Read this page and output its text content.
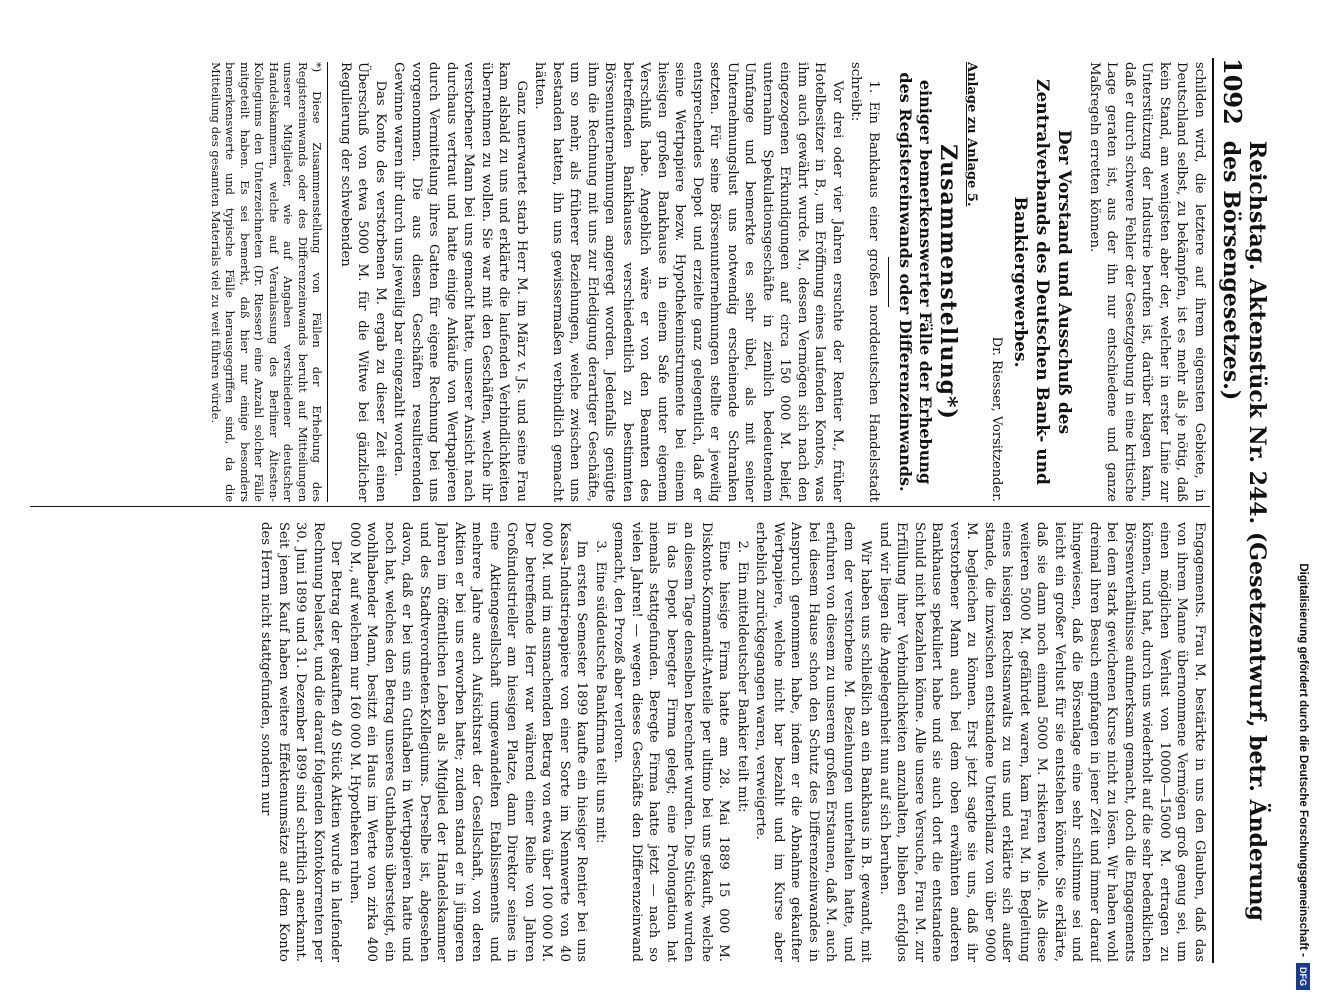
1092
Reichstag. Aktenstück Nr. 244. (Gesetzentwurf, betr. Änderung des Börsengesetzes.)

schilden wird, die letztere auf ihrem eigensten Gebiete, in Deutschland selbst, zu bekämpfen, ist es mehr als je nötig, daß kein Stand, am wenigsten aber der, welcher in erster Linie zur Unterstützung der Industrie berufen ist, darüber klagen kann, daß er durch schwere Fehler der Gesetzgebung in eine kritische Lage geraten ist, aus der ihn nur entschiedene und ganze Maßregeln erretten können.

Der Vorstand und Ausschuß des Zentralverbands des Deutschen Bank- und Bankiergewerbes.
Dr. Riesser, Vorsitzender.
Anlage zu Anlage 5.
Zusammenstellung*)
einiger bemerkenswerter Fälle der Erhebung des Registereinwands oder Differenzeinwands.

1.Ein Bankhaus einer großen norddeutschen Handelsstadt schreibt:

Vor drei oder vier Jahren ersuchte der Rentier M., früher Hotelbesitzer in B., um Eröffnung eines laufenden Kontos, was ihm auch gewährt wurde. M., dessen Vermögen sich nach den eingezogenen Erkundigungen auf circa 150 000 M. belief, unternahm Spekulationsgeschäfte in ziemlich bedeutendem Umfange und bemerkte es sehr übel, als mit seiner Unternehmungslust uns notwendig erscheinende Schranken setzten. Für seine Börsenunternehmungen stellte er jeweilig entsprechendes Depot und erzielte ganz gelegentlich, daß er seine Wertpapiere bezw. Hypothekeninstrumente bei einem hiesigen großen Bankhause in einem Safe unter eigenem Verschluß habe. Angeblich wäre er von den Beamten des betreffenden Bankhauses verschiedentlich zu bestimmten Börsenunternehmungen angeregt worden. Jedenfalls genügte ihm die Rechnung mit uns zur Erledigung derartiger Geschäfte, um so mehr, als früherer Beziehungen, welche zwischen uns bestanden hatten, ihn uns gewissermaßen verbindlich gemacht hätten.

Ganz unerwartet starb Herr M. im März v. Js. und seine Frau kam alsbald zu uns und erklärte die laufenden Verbindlichkeiten übernehmen zu wollen. Sie war mit den Geschäften, welche ihr verstorbener Mann bei uns gemacht hatte, unserer Ansicht nach durchaus vertraut und hatte einige Ankäufe von Wertpapieren durch Vermittelung ihres Gatten für eigene Rechnung bei uns vorgenommen. Die aus diesen Geschäften resultierenden Gewinne waren ihr durch uns jeweilig bar eingezahlt worden.

Das Konto des verstorbenen M. ergab zu dieser Zeit einen Überschuß von etwa 5000 M. für die Witwe bei gänzlicher Regulierung der schwebenden

*) Diese Zusammenstellung von Fällen der Erhebung des Registereinwands oder des Differenzeinwands beruht auf Mitteilungen unserer Mitglieder, wie auf Angaben verschiedener deutscher Handelskammern, welche auf Veranlassung des Berliner Ältesten-Kollegiums den Unterzeichneten (Dr. Riesser) eine Anzahl solcher Fälle mitgeteilt haben. Es sei bemerkt, daß hier nur einige besonders bemerkenswerte und typische Fälle herausgegriffen sind, da die Mitteilung des gesamten Materials viel zu weit führen würde.

Engagements. Frau M. bestärkte in uns den Glauben, daß das von ihrem Manne übernommene Vermögen groß genug sei, um einen möglichen Verlust von 10000—15000 M. ertragen zu können, und hat, durch uns wiederholt auf die sehr bedenklichen Börsenverhältnisse aufmerksam gemacht, doch die Engagements bei dem stark gewichenen Kurse nicht zu lösen. Wir haben wohl dreimal ihren Besuch empfangen in jener Zeit und immer darauf hingewiesen, daß die Börsenlage eine sehr schlimme sei und leicht ein großer Verlust für sie entstehen könnte. Sie erklärte, daß sie dann noch einmal 5000 M. riskieren wolle. Als diese weiteren 5000 M. gefährdet waren, kam Frau M. in Begleitung eines hiesigen Rechtsanwalts zu uns und erklärte sich außer stande, die inzwischen entstandene Unterbilanz von über 9000 M. begleichen zu können. Erst jetzt sagte sie uns, daß ihr verstorbener Mann auch bei dem oben erwähnten anderen Bankhause spekuliert habe und sie auch dort die entstandene Schuld nicht bezahlen könne. Alle unsere Versuche, Frau M. zur Erfüllung ihrer Verbindlichkeiten anzuhalten, blieben erfolglos und wir liegen die Angelegenheit nun auf sich beruhen.

Wir haben uns schließlich an ein Bankhaus in B. gewandt, mit dem der verstorbene M. Beziehungen unterhalten hatte, und erfuhren von diesem zu unserem großen Erstaunen, daß M. auch bei diesem Hause schon den Schutz des Differenzeinwandes in Anspruch genommen habe, indem er die Abnahme gekaufter Wertpapiere, welche nicht bar bezahlt und im Kurse aber erheblich zurückgegangen waren, verweigerte.

2.Ein mitteldeutscher Bankier teilt mit:

Eine hiesige Firma hatte am 28. Mai 1889 15 000 M. Diskonto-Kommandit-Anteile per ultimo bei uns gekauft, welche an diesem Tage denselben berechnet wurden. Die Stücke wurden in das Depot beregter Firma gelegt; eine Prolongation hat niemals stattgefunden. Beregte Firma hatte jetzt — nach so vielen Jahren! — wegen dieses Geschäfts den Differenzeinwand gemacht, den Prozeß aber verloren.

3.Eine süddeutsche Bankfirma teilt uns mit:

Im ersten Semester 1899 kaufte ein hiesiger Rentier bei uns Kassa-Industriepapiere von einer Sorte im Nennwerte von 40 000 M. und im ausmachenden Betrag von etwa über 100 000 M. Der betreffende Herr war während einer Reihe von Jahren Großindustrieller am hiesigen Platze, dann Direktor seines in eine Aktiengesellschaft umgewandelten Etablissements und mehrere Jahre auch Aufsichtsrat der Gesellschaft, von deren Aktien er bei uns erworben hatte; zudem stand er in jüngeren Jahren im öffentlichen Leben als Mitglied der Handelskammer und des Stadtverordneten-Kollegiums. Derselbe ist, abgesehen davon, daß er bei uns ein Guthaben in Wertpapieren hatte und noch hat, welches den Betrag unseres Guthabens übersteigt, ein wohlhabender Mann, besitzt ein Haus im Werte von zirka 400 000 M., auf welchem nur 160 000 M. Hypotheken ruhen.

Der Betrag der gekauften 40 Stück Aktien wurde in laufender Rechnung belastet, und die darauf folgenden Kontokorrenten per 30. Juni 1899 und 31. Dezember 1899 sind schriftlich anerkannt. Seit jenem Kauf haben weitere Effektenumsätze auf dem Konto des Herrn nicht stattgefunden, sondern nur	Digitalisierung gefördert durch die Deutsche Forschungsgemeinschaft -
DFG
